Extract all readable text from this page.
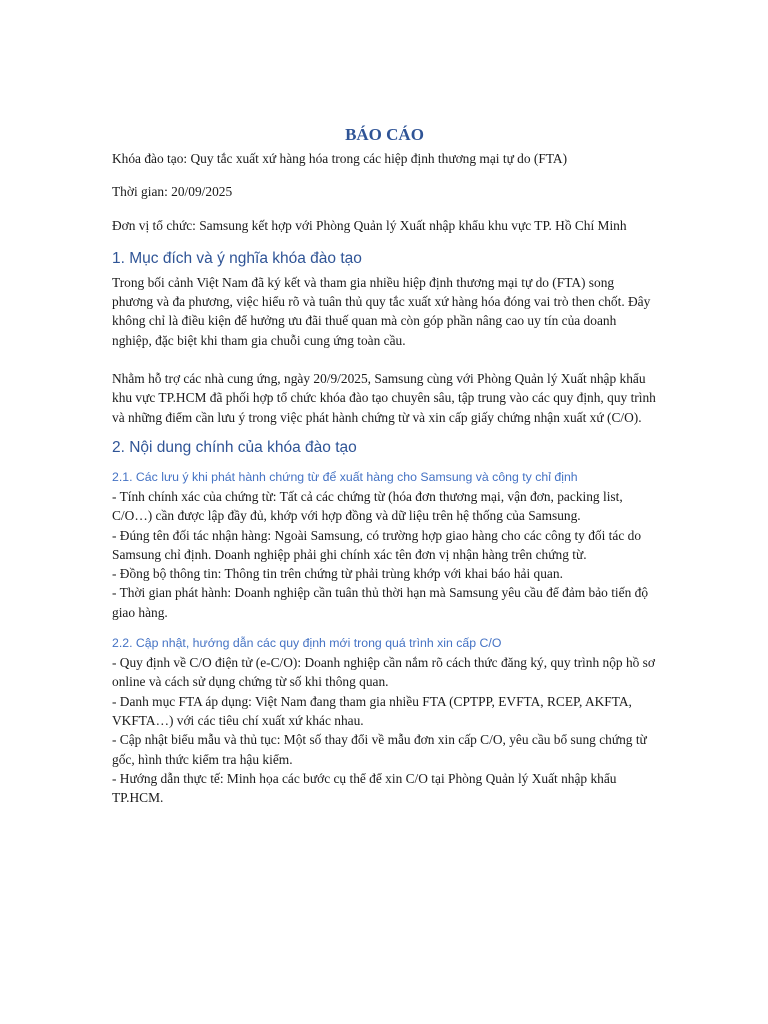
BÁO CÁO

Khóa đào tạo: Quy tắc xuất xứ hàng hóa trong các hiệp định thương mại tự do (FTA)

Thời gian: 20/09/2025

Đơn vị tổ chức: Samsung kết hợp với Phòng Quản lý Xuất nhập khẩu khu vực TP. Hồ Chí Minh

1. Mục đích và ý nghĩa khóa đào tạo

Trong bối cảnh Việt Nam đã ký kết và tham gia nhiều hiệp định thương mại tự do (FTA) song phương và đa phương, việc hiểu rõ và tuân thủ quy tắc xuất xứ hàng hóa đóng vai trò then chốt. Đây không chỉ là điều kiện để hưởng ưu đãi thuế quan mà còn góp phần nâng cao uy tín của doanh nghiệp, đặc biệt khi tham gia chuỗi cung ứng toàn cầu.

Nhằm hỗ trợ các nhà cung ứng, ngày 20/9/2025, Samsung cùng với Phòng Quản lý Xuất nhập khẩu khu vực TP.HCM đã phối hợp tổ chức khóa đào tạo chuyên sâu, tập trung vào các quy định, quy trình và những điểm cần lưu ý trong việc phát hành chứng từ và xin cấp giấy chứng nhận xuất xứ (C/O).

2. Nội dung chính của khóa đào tạo
2.1. Các lưu ý khi phát hành chứng từ để xuất hàng cho Samsung và công ty chỉ định

- Tính chính xác của chứng từ: Tất cả các chứng từ (hóa đơn thương mại, vận đơn, packing list, C/O…) cần được lập đầy đủ, khớp với hợp đồng và dữ liệu trên hệ thống của Samsung.

- Đúng tên đối tác nhận hàng: Ngoài Samsung, có trường hợp giao hàng cho các công ty đối tác do Samsung chỉ định. Doanh nghiệp phải ghi chính xác tên đơn vị nhận hàng trên chứng từ.

- Đồng bộ thông tin: Thông tin trên chứng từ phải trùng khớp với khai báo hải quan.

- Thời gian phát hành: Doanh nghiệp cần tuân thủ thời hạn mà Samsung yêu cầu để đảm bảo tiến độ giao hàng.

2.2. Cập nhật, hướng dẫn các quy định mới trong quá trình xin cấp C/O

- Quy định về C/O điện tử (e-C/O): Doanh nghiệp cần nắm rõ cách thức đăng ký, quy trình nộp hồ sơ online và cách sử dụng chứng từ số khi thông quan.

- Danh mục FTA áp dụng: Việt Nam đang tham gia nhiều FTA (CPTPP, EVFTA, RCEP, AKFTA, VKFTA…) với các tiêu chí xuất xứ khác nhau.

- Cập nhật biểu mẫu và thủ tục: Một số thay đổi về mẫu đơn xin cấp C/O, yêu cầu bổ sung chứng từ gốc, hình thức kiểm tra hậu kiểm.

- Hướng dẫn thực tế: Minh họa các bước cụ thể để xin C/O tại Phòng Quản lý Xuất nhập khẩu TP.HCM.
